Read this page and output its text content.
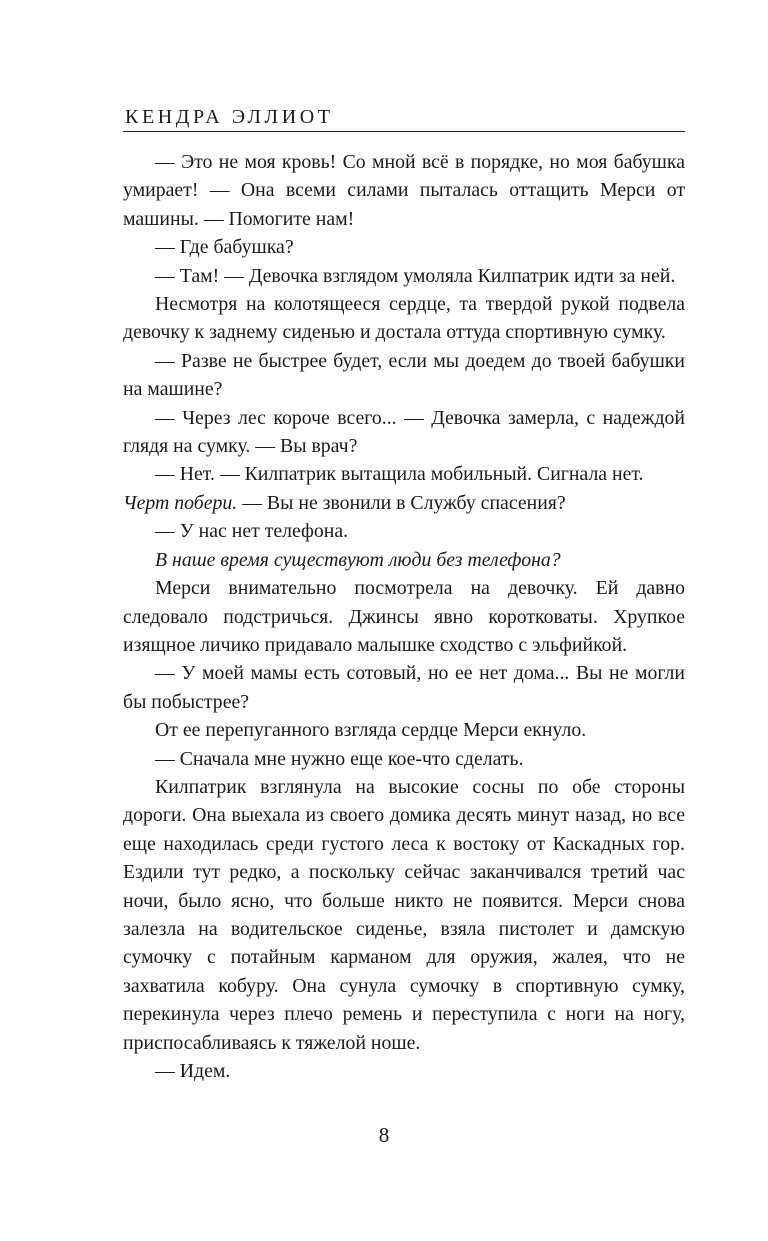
КЕНДРА ЭЛЛИОТ

— Это не моя кровь! Со мной всё в порядке, но моя бабушка умирает! — Она всеми силами пыталась оттащить Мерси от машины. — Помогите нам!

— Где бабушка?

— Там! — Девочка взглядом умоляла Килпатрик идти за ней.

Несмотря на колотящееся сердце, та твердой рукой подвела девочку к заднему сиденью и достала оттуда спортивную сумку.

— Разве не быстрее будет, если мы доедем до твоей бабушки на машине?

— Через лес короче всего... — Девочка замерла, с надеждой глядя на сумку. — Вы врач?

— Нет. — Килпатрик вытащила мобильный. Сигнала нет.
Черт побери. — Вы не звонили в Службу спасения?

— У нас нет телефона.

В наше время существуют люди без телефона?

Мерси внимательно посмотрела на девочку. Ей давно следовало подстричься. Джинсы явно коротковаты. Хрупкое изящное личико придавало малышке сходство с эльфийкой.

— У моей мамы есть сотовый, но ее нет дома... Вы не могли бы побыстрее?

От ее перепуганного взгляда сердце Мерси екнуло.

— Сначала мне нужно еще кое-что сделать.

Килпатрик взглянула на высокие сосны по обе стороны дороги. Она выехала из своего домика десять минут назад, но все еще находилась среди густого леса к востоку от Каскадных гор. Ездили тут редко, а поскольку сейчас заканчивался третий час ночи, было ясно, что больше никто не появится. Мерси снова залезла на водительское сиденье, взяла пистолет и дамскую сумочку с потайным карманом для оружия, жалея, что не захватила кобуру. Она сунула сумочку в спортивную сумку, перекинула через плечо ремень и переступила с ноги на ногу, приспосабливаясь к тяжелой ноше.

— Идем.

8
